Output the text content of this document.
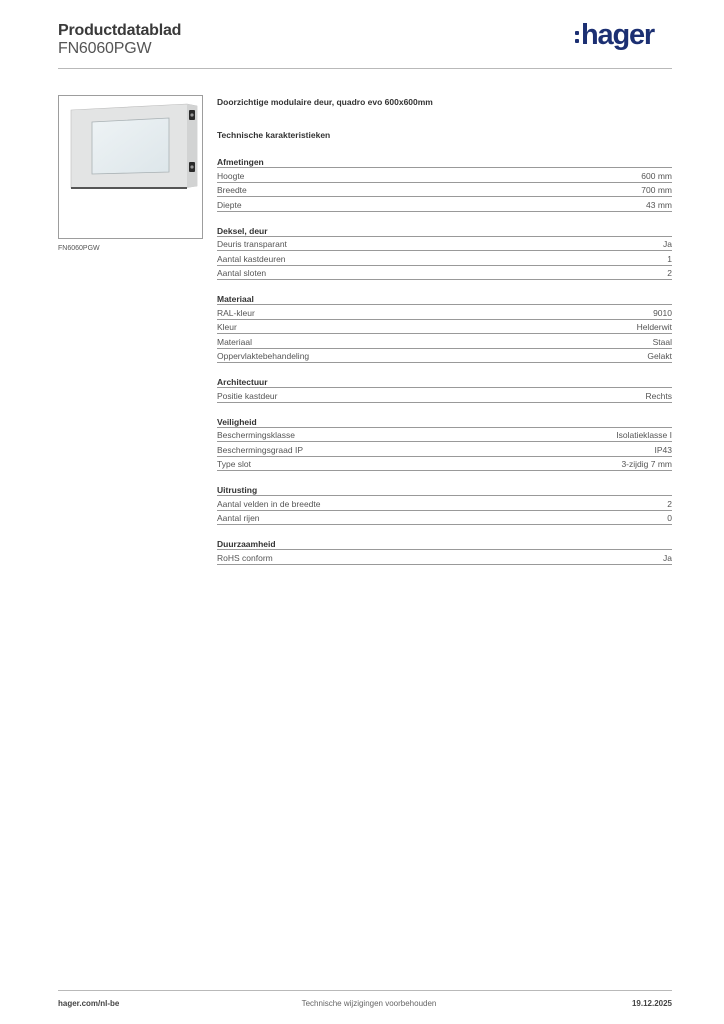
Productdatablad
FN6060PGW	hager
FN6060PGW
Doorzichtige modulaire deur, quadro evo 600x600mm
Technische karakteristieken
Afmetingen
Hoogte	600 mm
Breedte	700 mm
Diepte	43 mm
Deksel, deur
Deuris transparant	Ja
Aantal kastdeuren	1
Aantal sloten	2
Materiaal
RAL-kleur	9010
Kleur	Helderwit
Materiaal	Staal
Oppervlaktebehandeling	Gelakt
Architectuur
Positie kastdeur	Rechts
Veiligheid
Beschermingsklasse	Isolatieklasse I
Beschermingsgraad IP	IP43
Type slot	3-zijdig 7 mm
Uitrusting
Aantal velden in de breedte	2
Aantal rijen	0
Duurzaamheid
RoHS conform	Ja
hager.com/nl-be	Technische wijzigingen voorbehouden	19.12.2025
